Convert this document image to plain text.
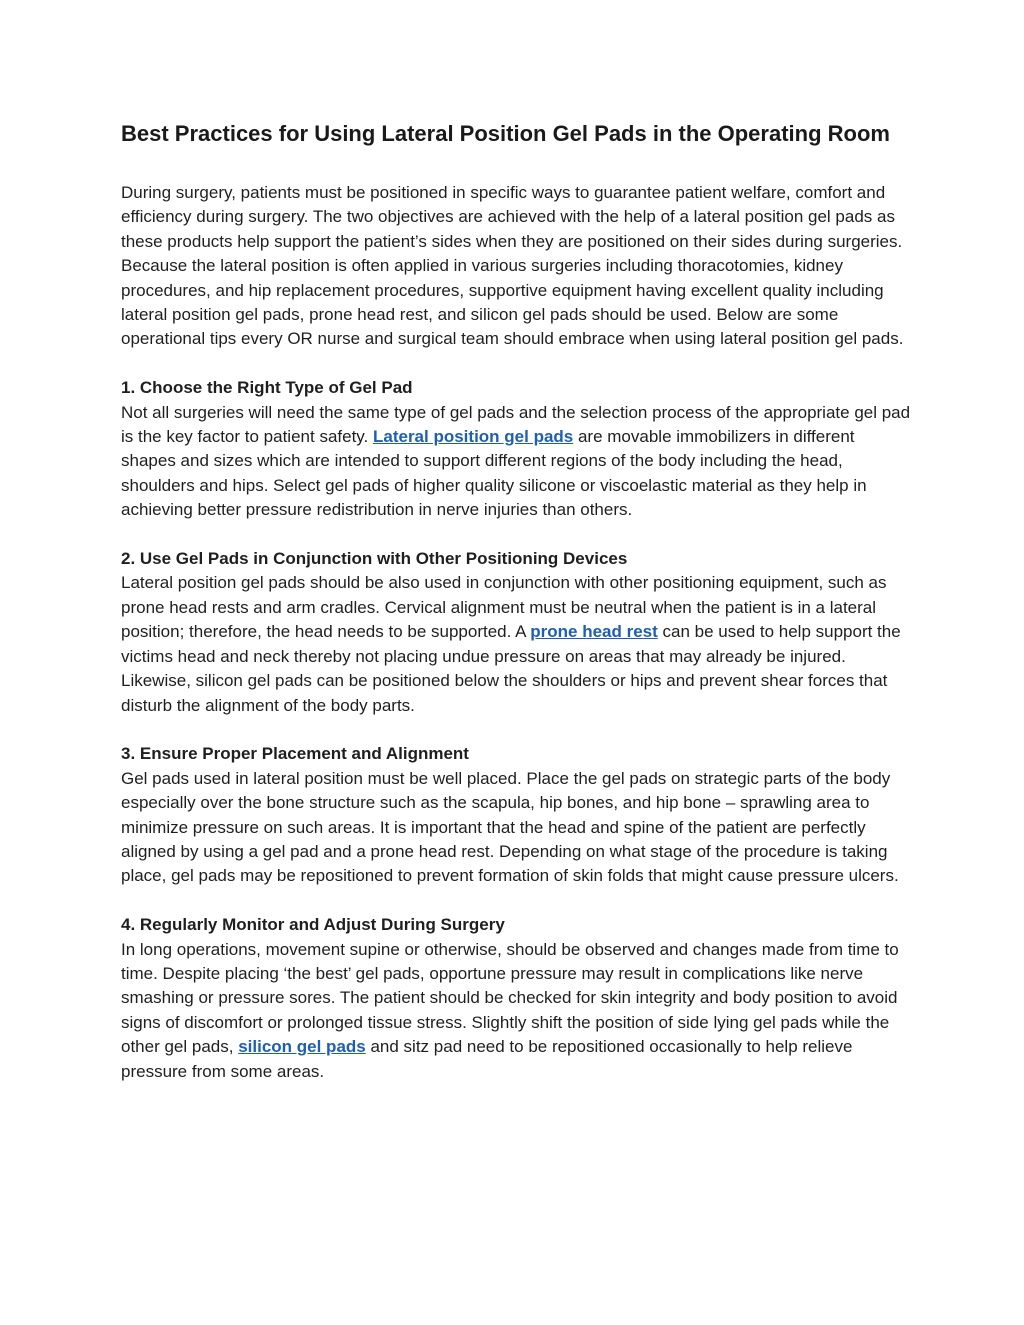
Best Practices for Using Lateral Position Gel Pads in the Operating Room

During surgery, patients must be positioned in specific ways to guarantee patient welfare, comfort and efficiency during surgery. The two objectives are achieved with the help of a lateral position gel pads as these products help support the patient’s sides when they are positioned on their sides during surgeries. Because the lateral position is often applied in various surgeries including thoracotomies, kidney procedures, and hip replacement procedures, supportive equipment having excellent quality including lateral position gel pads, prone head rest, and silicon gel pads should be used. Below are some operational tips every OR nurse and surgical team should embrace when using lateral position gel pads.

1. Choose the Right Type of Gel Pad

Not all surgeries will need the same type of gel pads and the selection process of the appropriate gel pad is the key factor to patient safety. Lateral position gel pads are movable immobilizers in different shapes and sizes which are intended to support different regions of the body including the head, shoulders and hips. Select gel pads of higher quality silicone or viscoelastic material as they help in achieving better pressure redistribution in nerve injuries than others.

2. Use Gel Pads in Conjunction with Other Positioning Devices

Lateral position gel pads should be also used in conjunction with other positioning equipment, such as prone head rests and arm cradles. Cervical alignment must be neutral when the patient is in a lateral position; therefore, the head needs to be supported. A prone head rest can be used to help support the victims head and neck thereby not placing undue pressure on areas that may already be injured. Likewise, silicon gel pads can be positioned below the shoulders or hips and prevent shear forces that disturb the alignment of the body parts.

3. Ensure Proper Placement and Alignment

Gel pads used in lateral position must be well placed. Place the gel pads on strategic parts of the body especially over the bone structure such as the scapula, hip bones, and hip bone – sprawling area to minimize pressure on such areas. It is important that the head and spine of the patient are perfectly aligned by using a gel pad and a prone head rest. Depending on what stage of the procedure is taking place, gel pads may be repositioned to prevent formation of skin folds that might cause pressure ulcers.

4. Regularly Monitor and Adjust During Surgery

In long operations, movement supine or otherwise, should be observed and changes made from time to time. Despite placing ‘the best’ gel pads, opportune pressure may result in complications like nerve smashing or pressure sores. The patient should be checked for skin integrity and body position to avoid signs of discomfort or prolonged tissue stress. Slightly shift the position of side lying gel pads while the other gel pads, silicon gel pads and sitz pad need to be repositioned occasionally to help relieve pressure from some areas.
